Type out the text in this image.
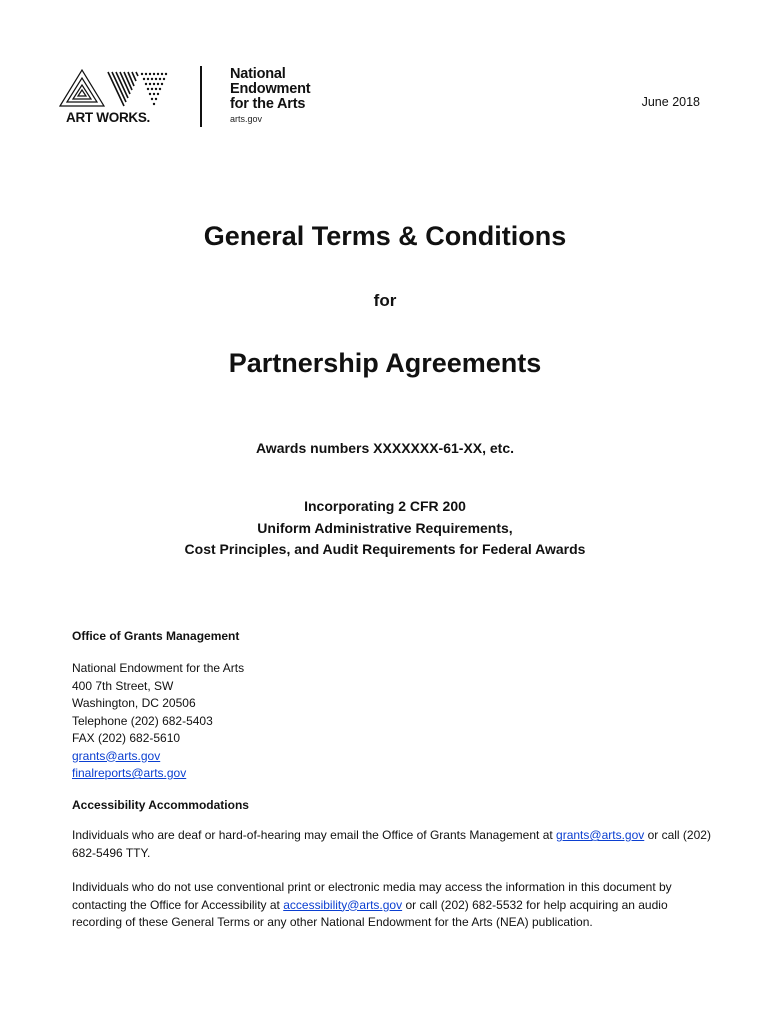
ART WORKS.
National
Endowment
for the Arts
arts.gov
June 2018
General Terms & Conditions
for
Partnership Agreements
Awards numbers XXXXXXX-61-XX, etc.
Incorporating 2 CFR 200
Uniform Administrative Requirements,
Cost Principles, and Audit Requirements for Federal Awards
Office of Grants Management
National Endowment for the Arts
400 7th Street, SW
Washington, DC 20506
Telephone (202) 682-5403
FAX (202) 682-5610
grants@arts.gov
finalreports@arts.gov
Accessibility Accommodations
Individuals who are deaf or hard-of-hearing may email the Office of Grants Management at grants@arts.gov or call (202) 682-5496 TTY.
Individuals who do not use conventional print or electronic media may access the information in this document by contacting the Office for Accessibility at accessibility@arts.gov or call (202) 682-5532 for help acquiring an audio recording of these General Terms or any other National Endowment for the Arts (NEA) publication.
